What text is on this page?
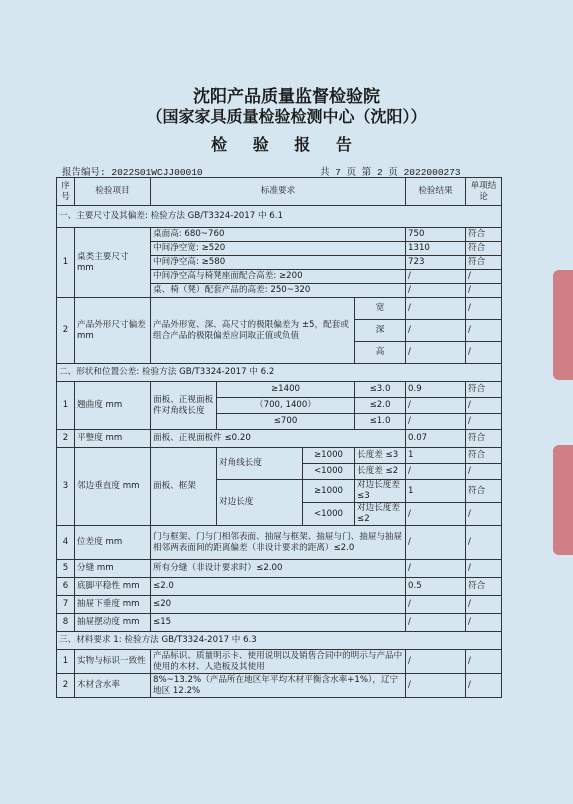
沈阳产品质量监督检验院
（国家家具质量检验检测中心（沈阳））
检 验 报 告
报告编号: 2022S01WCJJ00010	共 7 页 第 2 页 2022000273
序号	检验项目	标准要求				检验结果	单项结论
一、主要尺寸及其偏差: 检验方法 GB/T3324-2017 中 6.1							
1	桌类主要尺寸 mm	桌面高: 680~760				750	符合
		中间净空宽: ≥520				1310	符合
		中间净空高: ≥580				723	符合
		中间净空高与椅凳座面配合高差: ≥200				/	/
		桌、椅（凳）配套产品的高差: 250~320				/	/
2	产品外形尺寸偏差 mm	产品外形宽、深、高尺寸的极限偏差为 ±5，配套或组合产品的极限偏差应同取正值或负值			宽	/	/
					深	/	/
					高	/	/
二、形状和位置公差: 检验方法 GB/T3324-2017 中 6.2							
1	翘曲度 mm	面板、正视面板件对角线长度	≥1400		≤3.0	0.9	符合
			（700, 1400）		≤2.0	/	/
			≤700		≤1.0	/	/
2	平整度 mm	面板、正视面板件 ≤0.20				0.07	符合
3	邻边垂直度 mm	面板、框架	对角线长度	≥1000	长度差 ≤3	1	符合
				<1000	长度差 ≤2	/	/
			对边长度	≥1000	对边长度差 ≤3	1	符合
				<1000	对边长度差 ≤2	/	/
4	位差度 mm	门与框架、门与门相邻表面、抽屉与框架、抽屉与门、抽屉与抽屉相邻两表面间的距离偏差（非设计要求的距离）≤2.0				/	/
5	分缝 mm	所有分缝（非设计要求时）≤2.00				/	/
6	底脚平稳性 mm	≤2.0				0.5	符合
7	抽屉下垂度 mm	≤20				/	/
8	抽屉摆动度 mm	≤15				/	/
三、材料要求 1: 检验方法 GB/T3324-2017 中 6.3							
1	实物与标识一致性	产品标识、质量明示卡、使用说明以及销售合同中的明示与产品中使用的木材、人造板及其使用				/	/
2	木材含水率	8%~13.2%（产品所在地区年平均木材平衡含水率+1%），辽宁地区 12.2%				/	/
